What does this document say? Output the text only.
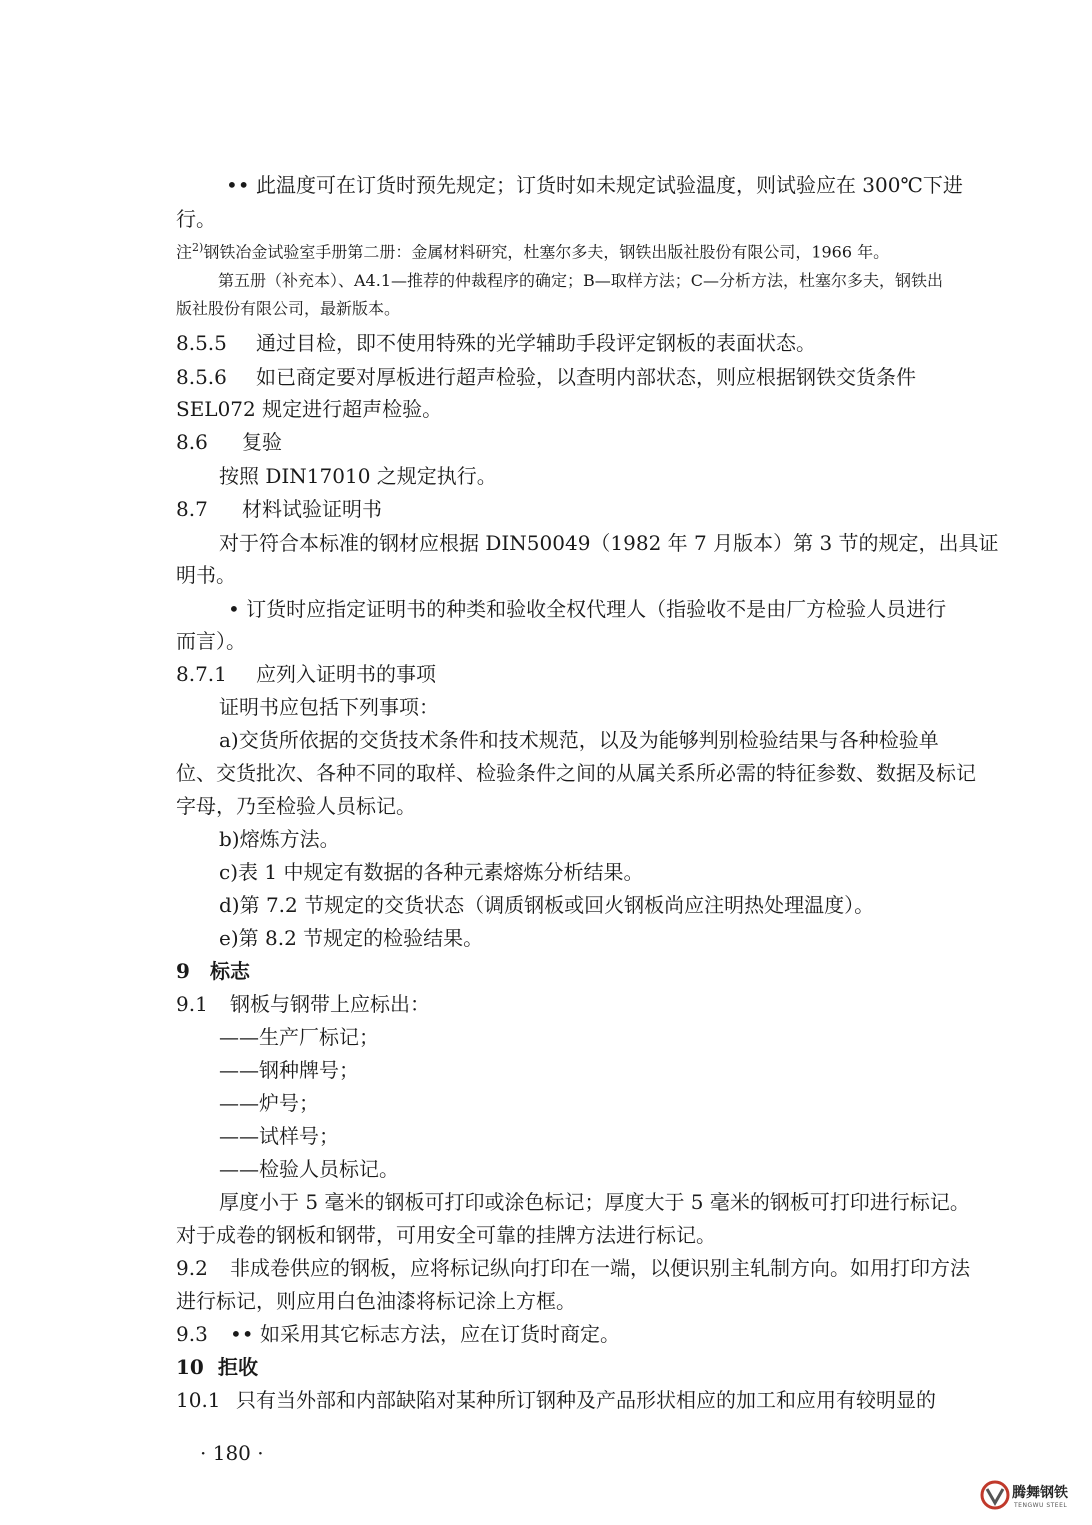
•• 此温度可在订货时预先规定；订货时如未规定试验温度，则试验应在 300℃下进
行。
注$^{2)}$钢铁冶金试验室手册第二册：金属材料研究，杜塞尔多夫，钢铁出版社股份有限公司，1966 年。
第五册（补充本）、A4.1—推荐的仲裁程序的确定；B—取样方法；C—分析方法，杜塞尔多夫，钢铁出
版社股份有限公司，最新版本。
8.5.5 通过目检，即不使用特殊的光学辅助手段评定钢板的表面状态。
8.5.6 如已商定要对厚板进行超声检验，以查明内部状态，则应根据钢铁交货条件
SEL072 规定进行超声检验。
8.6 复验
按照 DIN17010 之规定执行。
8.7 材料试验证明书
对于符合本标准的钢材应根据 DIN50049（1982 年 7 月版本）第 3 节的规定，出具证
明书。
• 订货时应指定证明书的种类和验收全权代理人（指验收不是由厂方检验人员进行
而言）。
8.7.1 应列入证明书的事项
证明书应包括下列事项：
a)交货所依据的交货技术条件和技术规范，以及为能够判别检验结果与各种检验单
位、交货批次、各种不同的取样、检验条件之间的从属关系所必需的特征参数、数据及标记
字母，乃至检验人员标记。
b)熔炼方法。
c)表 1 中规定有数据的各种元素熔炼分析结果。
d)第 7.2 节规定的交货状态（调质钢板或回火钢板尚应注明热处理温度）。
e)第 8.2 节规定的检验结果。
9 标志
9.1 钢板与钢带上应标出：
——生产厂标记；
——钢种牌号；
——炉号；
——试样号；
——检验人员标记。
厚度小于 5 毫米的钢板可打印或涂色标记；厚度大于 5 毫米的钢板可打印进行标记。
对于成卷的钢板和钢带，可用安全可靠的挂牌方法进行标记。
9.2 非成卷供应的钢板，应将标记纵向打印在一端，以便识别主轧制方向。如用打印方法
进行标记，则应用白色油漆将标记涂上方框。
9.3 •• 如采用其它标志方法，应在订货时商定。
10 拒收
10.1 只有当外部和内部缺陷对某种所订钢种及产品形状相应的加工和应用有较明显的
· 180 ·
腾舞钢铁
TENGWU STEEL
